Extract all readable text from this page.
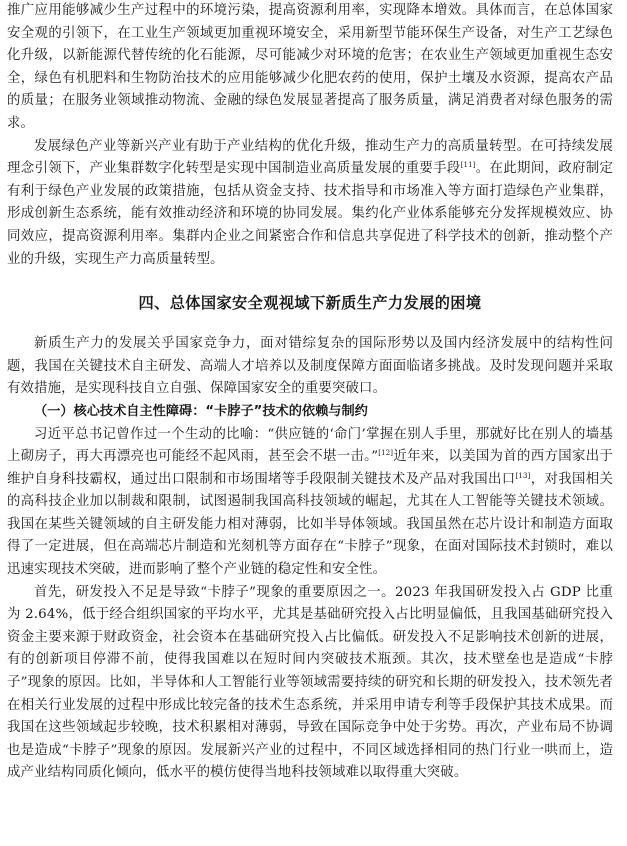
推广应用能够减少生产过程中的环境污染，提高资源利用率，实现降本增效。具体而言，在总体国家安全观的引领下，在工业生产领域更加重视环境安全，采用新型节能环保生产设备，对生产工艺绿色化升级，以新能源代替传统的化石能源，尽可能减少对环境的危害；在农业生产领域更加重视生态安全，绿色有机肥料和生物防治技术的应用能够减少化肥农药的使用，保护土壤及水资源，提高农产品的质量；在服务业领域推动物流、金融的绿色发展显著提高了服务质量，满足消费者对绿色服务的需求。

发展绿色产业等新兴产业有助于产业结构的优化升级，推动生产力的高质量转型。在可持续发展理念引领下，产业集群数字化转型是实现中国制造业高质量发展的重要手段[11]。在此期间，政府制定有利于绿色产业发展的政策措施，包括从资金支持、技术指导和市场准入等方面打造绿色产业集群，形成创新生态系统，能有效推动经济和环境的协同发展。集约化产业体系能够充分发挥规模效应、协同效应，提高资源利用率。集群内企业之间紧密合作和信息共享促进了科学技术的创新，推动整个产业的升级，实现生产力高质量转型。

四、总体国家安全观视域下新质生产力发展的困境

新质生产力的发展关乎国家竞争力，面对错综复杂的国际形势以及国内经济发展中的结构性问题，我国在关键技术自主研发、高端人才培养以及制度保障方面面临诸多挑战。及时发现问题并采取有效措施，是实现科技自立自强、保障国家安全的重要突破口。

（一）核心技术自主性障碍：“卡脖子”技术的依赖与制约

习近平总书记曾作过一个生动的比喻：“供应链的‘命门’掌握在别人手里，那就好比在别人的墙基上砌房子，再大再漂亮也可能经不起风雨，甚至会不堪一击。”[12]近年来，以美国为首的西方国家出于维护自身科技霸权，通过出口限制和市场围堵等手段限制关键技术及产品对我国出口[13]，对我国相关的高科技企业加以制裁和限制，试图遏制我国高科技领域的崛起，尤其在人工智能等关键技术领域。我国在某些关键领域的自主研发能力相对薄弱，比如半导体领域。我国虽然在芯片设计和制造方面取得了一定进展，但在高端芯片制造和光刻机等方面存在“卡脖子”现象，在面对国际技术封锁时，难以迅速实现技术突破，进而影响了整个产业链的稳定性和安全性。

首先，研发投入不足是导致“卡脖子”现象的重要原因之一。2023 年我国研发投入占 GDP 比重为 2.64%，低于经合组织国家的平均水平，尤其是基础研究投入占比明显偏低，且我国基础研究投入资金主要来源于财政资金，社会资本在基础研究投入占比偏低。研发投入不足影响技术创新的进展，有的创新项目停滞不前，使得我国难以在短时间内突破技术瓶颈。其次，技术壁垒也是造成“卡脖子”现象的原因。比如，半导体和人工智能行业等领域需要持续的研究和长期的研发投入，技术领先者在相关行业发展的过程中形成比较完备的技术生态系统，并采用申请专利等手段保护其技术成果。而我国在这些领域起步较晚，技术积累相对薄弱，导致在国际竞争中处于劣势。再次，产业布局不协调也是造成“卡脖子”现象的原因。发展新兴产业的过程中，不同区域选择相同的热门行业一哄而上，造成产业结构同质化倾向，低水平的模仿使得当地科技领域难以取得重大突破。
